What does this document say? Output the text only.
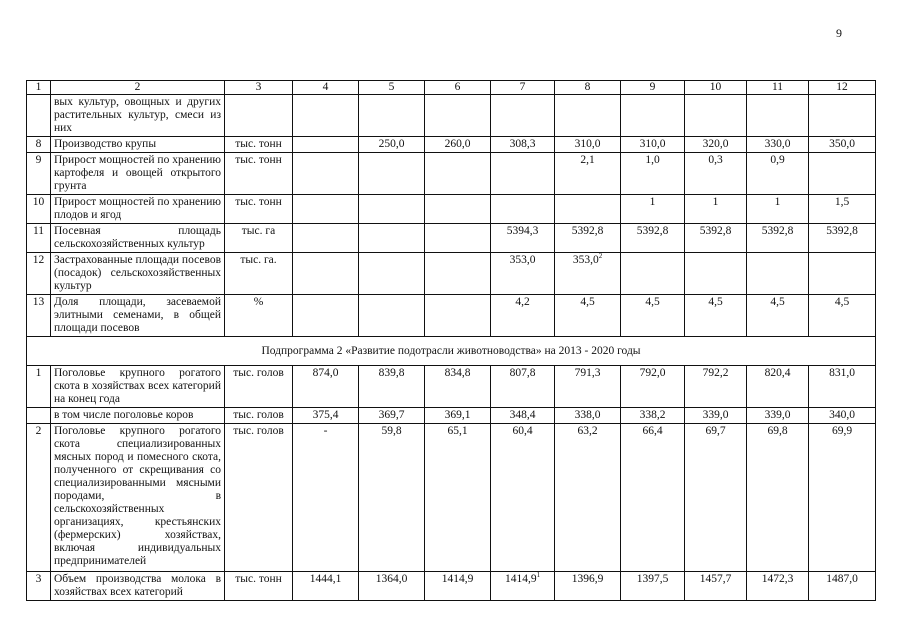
9
1	2	3	4	5	6	7	8	9	10	11	12
	вых культур, овощных и других растительных культур, смеси из них										
8	Производство крупы	тыс. тонн		250,0	260,0	308,3	310,0	310,0	320,0	330,0	350,0
9	Прирост мощностей по хранению картофеля и овощей открытого грунта	тыс. тонн					2,1	1,0	0,3	0,9	
10	Прирост мощностей по хранению плодов и ягод	тыс. тонн						1	1	1	1,5
11	Посевная площадь сельскохозяйственных культур	тыс. га				5394,3	5392,8	5392,8	5392,8	5392,8	5392,8
12	Застрахованные площади посевов (посадок) сельскохозяйственных культур	тыс. га.				353,0	353,0$^2$				
13	Доля площади, засеваемой элитными семенами, в общей площади посевов	%				4,2	4,5	4,5	4,5	4,5	4,5
Подпрограмма 2 «Развитие подотрасли животноводства» на 2013 - 2020 годы											
1	Поголовье крупного рогатого скота в хозяйствах всех категорий на конец года	тыс. голов	874,0	839,8	834,8	807,8	791,3	792,0	792,2	820,4	831,0
	в том числе поголовье коров	тыс. голов	375,4	369,7	369,1	348,4	338,0	338,2	339,0	339,0	340,0
2	Поголовье крупного рогатого скота специализированных мясных пород и помесного скота, полученного от скрещивания со специализированными мясными породами, в сельскохозяйственных организациях, крестьянских (фермерских) хозяйствах, включая индивидуальных предпринимателей	тыс. голов	-	59,8	65,1	60,4	63,2	66,4	69,7	69,8	69,9
3	Объем производства молока в хозяйствах всех категорий	тыс. тонн	1444,1	1364,0	1414,9	1414,9$^1$	1396,9	1397,5	1457,7	1472,3	1487,0
